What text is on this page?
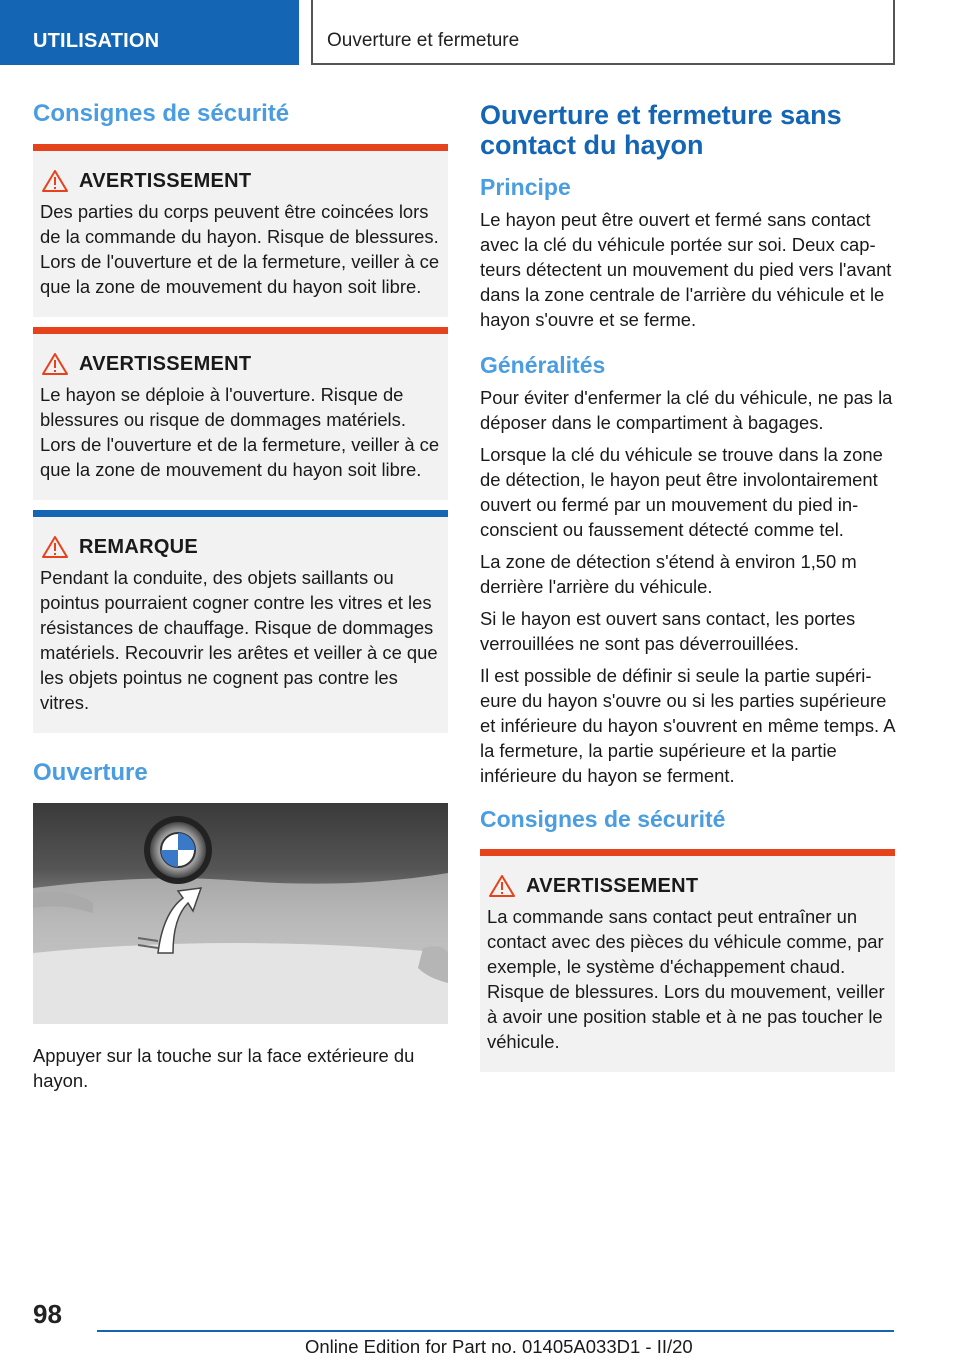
UTILISATION	Ouverture et fermeture
Consignes de sécurité
AVERTISSEMENT

Des parties du corps peuvent être coincées lors de la commande du hayon. Risque de blessures. Lors de l'ouverture et de la fermeture, veiller à ce que la zone de mouvement du hayon soit libre.

AVERTISSEMENT

Le hayon se déploie à l'ouverture. Risque de blessures ou risque de dommages matériels. Lors de l'ouverture et de la fermeture, veiller à ce que la zone de mouvement du hayon soit libre.

REMARQUE

Pendant la conduite, des objets saillants ou pointus pourraient cogner contre les vitres et les résistances de chauffage. Risque de dommages matériels. Recouvrir les arêtes et veiller à ce que les objets pointus ne cognent pas contre les vitres.

Ouverture

Appuyer sur la touche sur la face extérieure du hayon.

Ouverture et fermeture sans contact du hayon
Principe

Le hayon peut être ouvert et fermé sans contact avec la clé du véhicule portée sur soi. Deux capteurs détectent un mouvement du pied vers l'avant dans la zone centrale de l'arrière du véhicule et le hayon s'ouvre et se ferme.

Généralités

Pour éviter d'enfermer la clé du véhicule, ne pas la déposer dans le compartiment à bagages.

Lorsque la clé du véhicule se trouve dans la zone de détection, le hayon peut être involontairement ouvert ou fermé par un mouvement du pied inconscient ou faussement détecté comme tel.

La zone de détection s'étend à environ 1,50 m derrière l'arrière du véhicule.

Si le hayon est ouvert sans contact, les portes verrouillées ne sont pas déverrouillées.

Il est possible de définir si seule la partie supérieure du hayon s'ouvre ou si les parties supérieure et inférieure du hayon s'ouvrent en même temps. A la fermeture, la partie supérieure et la partie inférieure du hayon se ferment.

Consignes de sécurité
AVERTISSEMENT

La commande sans contact peut entraîner un contact avec des pièces du véhicule comme, par exemple, le système d'échappement chaud. Risque de blessures. Lors du mouvement, veiller à avoir une position stable et à ne pas toucher le véhicule.

98
Online Edition for Part no. 01405A033D1 - II/20
